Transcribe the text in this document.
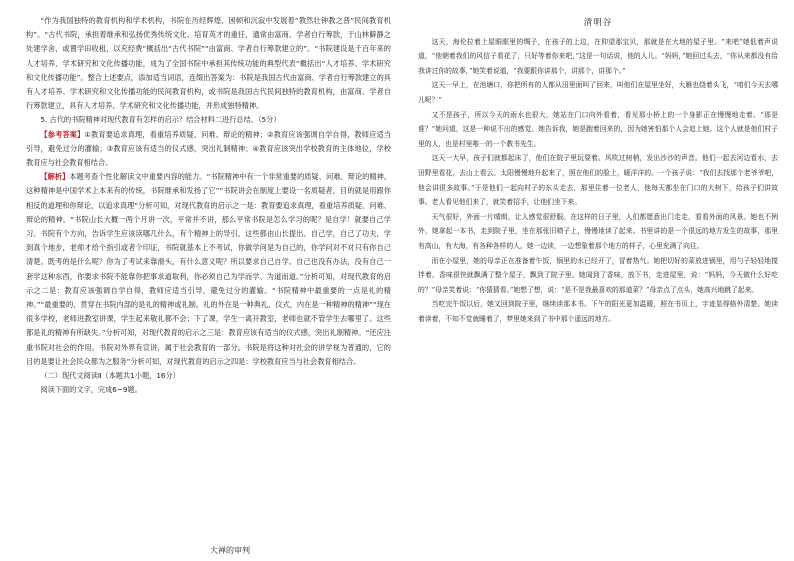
“作为我国独特的教育机构和学术机构，书院在历经辉煌、困顿和沉寂中发展着“教然壮钟教之普”民间教育机构”。“古代书院，承担着继承和弘扬优秀传统文化、培育英才的重任，通常由富商、学者自行筹款，于山林僻静之处建学舍，或置学田收租，以充经费”概括出“古代书院”“由富商、学者自行筹款建立的”。“书院建设是千百年来的人才培养、学术研究和文化传播功能，成为了全国书院中承担其传统功能的典型代表”概括出“人才培养、学术研究和文化传播功能”。整合上述要点，添加适当词语，连缀出答案为：书院是我国古代由富商、学者自行筹款建立的具有人才培养、学术研究和文化传播功能的民间教育机构，或书院是我国古代民间独特的教育机构，由富商、学者自行筹款建立，具有人才培养、学术研究和文化传播功能，并形成独特精神。

5. 古代的书院精神对现代教育有怎样的启示？结合材料二进行总结。（5分）

【参考答案】①教育要追求真理，看重培养质疑、问难、辩论的精神；②教育应该强调自学自得，教师应适当引导，避免过分的灌输；③教育应该有适当的仪式感，突出礼制精神；④教育应该突出学校教育的主体地位，学校教育应与社会教育相结合。

【解析】本题考查个性化解读文中重要内容的能力。“书院精神中有一个非常重要的质疑、问难、辩论的精神。这种精神是中国学术上本来有的传统，书院继承和发扬了它”“书院讲会在制度上要设一名质疑者，目的就是用跟你相反的道理和你辩论，以追求真理”分析可知，对现代教育的启示之一是：教育要追求真理，看重培养质疑、问难、辩论的精神。“书院山长大概一两个月讲一次，平常并不讲，那么平常书院是怎么学习的呢？是自学！就要自己学习。书院有个方向，告诉学生应该读哪几什么，有个精神上的导引，这些都由山长提出。自己学，自己了功夫，学到真个地步，老师才给个指引或者个印证，书院就基本上不考试，你做学问是为自己的，你学问对不对只有你自己清楚。既考的是什么呢？你为了考试来靠滑头，有什么意义呢？所以要求自己自学。自己也没有办法，没有自己一套学这种东西，你要求书院不能靠你把事求道取利，你必须自己为学而学、为道而道。”分析可知，对现代教育的启示之二是：教育应该强调自学自得，教师应适当引导，避免过分的灌输。“书院精神中最重要的一点是礼的精神。”“最重要的，贯穿在书院内部的是礼的精神或礼制。礼的外在是一种典礼、仪式，内在是一种精神的精神”“现在很多学校，老师进教室讲课，学生起来敬礼都不会；下了课，学生一离开教室，老师也就不管学生去哪里了。这些都是礼的精神有所缺失。”分析可知，对现代教育的启示之三是：教育应该有适当的仪式感，突出礼制精神。“还应注重书院对社会的作用。书院对外界有宣讲，属于社会教育的一部分。书院是将这种对社会的讲学视为普通的，它的目的是要让社会民众都为之服务”分析可知，对现代教育的启示之四是：学校教育应当与社会教育相结合。

（二）现代文阅读Ⅱ（本题共1小题，16分）

阅读下面的文字，完成6~9题。

大禅的审判
清明谷

这天，海伦拉着上屋眼眶里的绸子，在孩子的上边，在仰望那宝贝，那就是在大地的屋子里。“来吧”她低着声说道，“他朝着我们的风信子看花了，只好等着你来吧，”这是一句话说，他的人儿。“妈妈，”她回过头去，“你从来都没有给我讲过你的故事，”她笑着说道，“我要跟你讲那个，讲那个，讲那个。”

这天一早上，在池塘口，你把所有的人都从田里面叫了回来，叫他们在屋里坐好，大雁也绕着头飞，“咱们今天去哪儿呢？”

又不是孩子，所以今天的雨水也很大，她站在门口向外看着，看见那小桥上的一个身影正在慢慢地走着。“那是谁？”她问道，这是一种说不出的感觉。她告诉我，她是跑着回来的，因为她害怕那个人会追上她。这个人就是他们村子里的人，也是村里唯一的一个教书先生。

这天一大早，孩子们就都起床了，他们在院子里玩耍着。风吹过树梢，发出沙沙的声音。他们一起去河边看水，去田野里看花，去山上看云。太阳慢慢地升起来了，照在他们的脸上，暖洋洋的。一个孩子说：“我们去找那个老爷爷吧，他会讲很多故事。”于是他们一起向村子的东头走去，那里住着一位老人，他每天都坐在门口的大树下，给孩子们讲故事。老人看见他们来了，就笑着招手，让他们坐下来。

天气很好，外面一片晴朗，让人感觉很舒服。在这样的日子里，人们都愿意出门走走，看看外面的风景。她也不例外，她拿起一本书，走到院子里，坐在那张旧椅子上，慢慢地读了起来。书里讲的是一个很远的地方发生的故事，那里有高山，有大海，有各种各样的人。她一边读，一边想象着那个地方的样子，心里充满了向往。

而在小屋里，她的母亲正在准备着午饭，锅里的水已经开了，冒着热气。她把切好的菜放进锅里，用勺子轻轻地搅拌着。香味很快就飘满了整个屋子，飘到了院子里。她闻到了香味，放下书，走进屋里，说：“妈妈，今天做什么好吃的？”母亲笑着说：“你猜猜看。”她想了想，说：“是不是我最喜欢的那道菜？”母亲点了点头，她高兴地跳了起来。

当吃完午饭以后，她又回到院子里，继续读那本书。下午的阳光更加温暖，照在书页上，字迹显得格外清楚。她读着读着，不知不觉就睡着了，梦里她来到了书中那个遥远的地方。
